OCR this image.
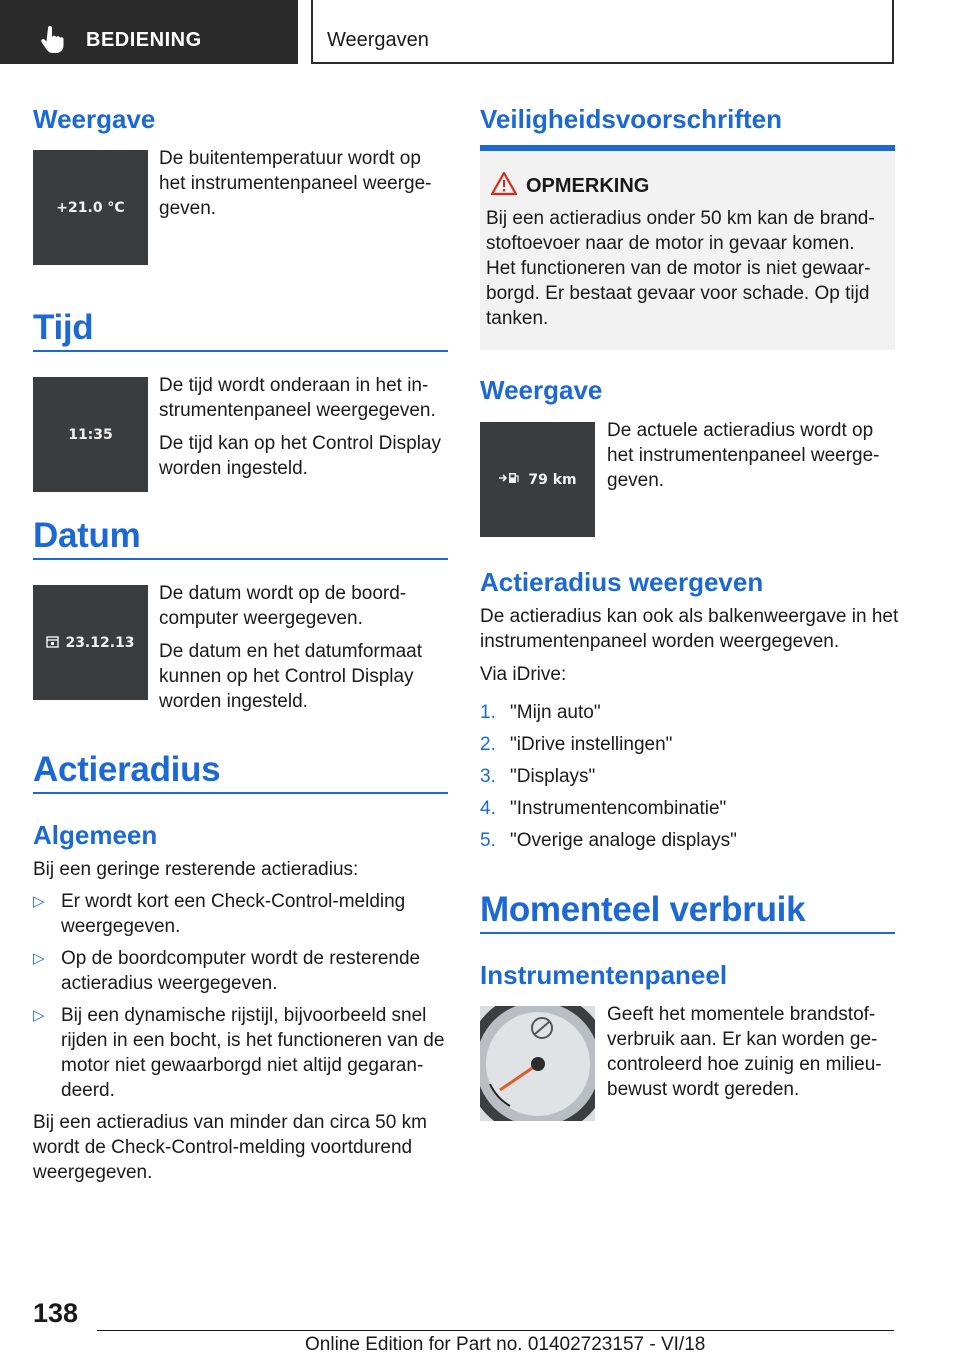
BEDIENING	Weergaven
Weergave
+21.0 °C
De buitentemperatuur wordt op
het instrumentenpaneel weerge-
geven.
Tijd
11:35
De tijd wordt onderaan in het in-
strumentenpaneel weergegeven.
De tijd kan op het Control Display
worden ingesteld.
Datum
23.12.13
De datum wordt op de boord-
computer weergegeven.
De datum en het datumformaat
kunnen op het Control Display
worden ingesteld.
Actieradius
Algemeen
Bij een geringe resterende actieradius:
▷ Er wordt kort een Check-Control-melding
weergegeven.
▷ Op de boordcomputer wordt de resterende
actieradius weergegeven.
▷ Bij een dynamische rijstijl, bijvoorbeeld snel
rijden in een bocht, is het functioneren van de
motor niet gewaarborgd niet altijd gegaran-
deerd.
Bij een actieradius van minder dan circa 50 km
wordt de Check-Control-melding voortdurend
weergegeven.
Veiligheidsvoorschriften
OPMERKING
Bij een actieradius onder 50 km kan de brand-
stoftoevoer naar de motor in gevaar komen.
Het functioneren van de motor is niet gewaar-
borgd. Er bestaat gevaar voor schade. Op tijd
tanken.
Weergave
79 km
De actuele actieradius wordt op
het instrumentenpaneel weerge-
geven.
Actieradius weergeven
De actieradius kan ook als balkenweergave in het
instrumentenpaneel worden weergegeven.
Via iDrive:
1. "Mijn auto"
2. "iDrive instellingen"
3. "Displays"
4. "Instrumentencombinatie"
5. "Overige analoge displays"
Momenteel verbruik
Instrumentenpaneel
Geeft het momentele brandstof-
verbruik aan. Er kan worden ge-
controleerd hoe zuinig en milieu-
bewust wordt gereden.
138
Online Edition for Part no. 01402723157 - VI/18
